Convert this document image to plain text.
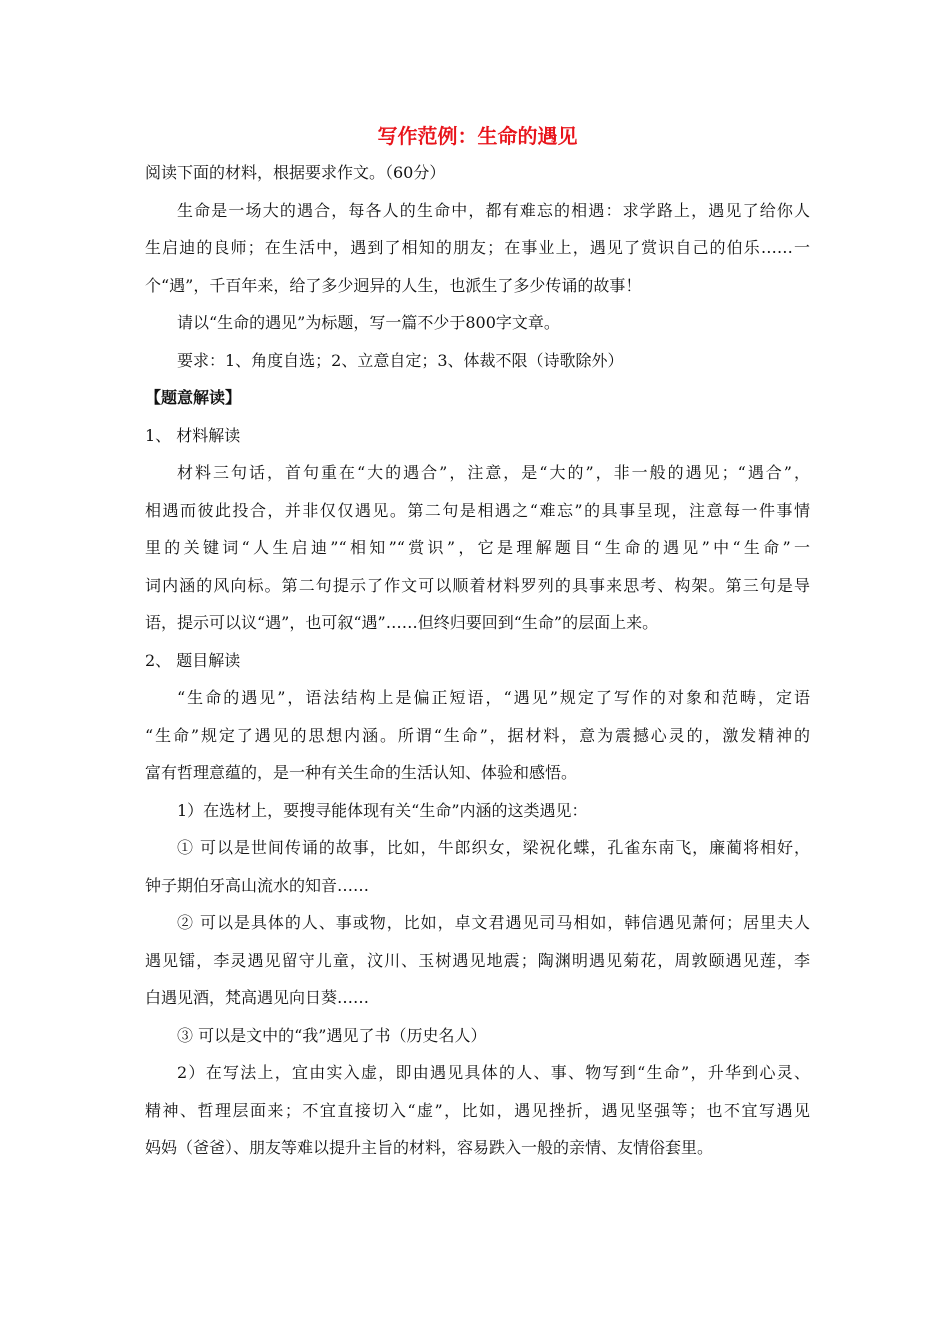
写作范例：生命的遇见

阅读下面的材料，根据要求作文。（60分）

生命是一场大的遇合，每各人的生命中，都有难忘的相遇：求学路上，遇见了给你人

生启迪的良师；在生活中，遇到了相知的朋友；在事业上，遇见了赏识自己的伯乐……一

个“遇”，千百年来，给了多少迥异的人生，也派生了多少传诵的故事！

请以“生命的遇见”为标题，写一篇不少于800字文章。

要求：1、角度自选；2、立意自定；3、体裁不限（诗歌除外）

【题意解读】

1、 材料解读

材料三句话，首句重在“大的遇合”，注意，是“大的”，非一般的遇见；“遇合”，

相遇而彼此投合，并非仅仅遇见。第二句是相遇之“难忘”的具事呈现，注意每一件事情

里的关键词“人生启迪”“相知”“赏识”，它是理解题目“生命的遇见”中“生命”一

词内涵的风向标。第二句提示了作文可以顺着材料罗列的具事来思考、构架。第三句是导

语，提示可以议“遇”，也可叙“遇”……但终归要回到“生命”的层面上来。

2、 题目解读

“生命的遇见”，语法结构上是偏正短语，“遇见”规定了写作的对象和范畴，定语

“生命”规定了遇见的思想内涵。所谓“生命”，据材料，意为震撼心灵的，激发精神的

富有哲理意蕴的，是一种有关生命的生活认知、体验和感悟。

1）在选材上，要搜寻能体现有关“生命”内涵的这类遇见：

① 可以是世间传诵的故事，比如，牛郎织女，梁祝化蝶，孔雀东南飞，廉蔺将相好，

钟子期伯牙高山流水的知音……

② 可以是具体的人、事或物，比如，卓文君遇见司马相如，韩信遇见萧何；居里夫人

遇见镭，李灵遇见留守儿童，汶川、玉树遇见地震；陶渊明遇见菊花，周敦颐遇见莲，李

白遇见酒，梵高遇见向日葵……

③ 可以是文中的“我”遇见了书（历史名人）

2）在写法上，宜由实入虚，即由遇见具体的人、事、物写到“生命”，升华到心灵、

精神、哲理层面来；不宜直接切入“虚”，比如，遇见挫折，遇见坚强等；也不宜写遇见

妈妈（爸爸）、朋友等难以提升主旨的材料，容易跌入一般的亲情、友情俗套里。
